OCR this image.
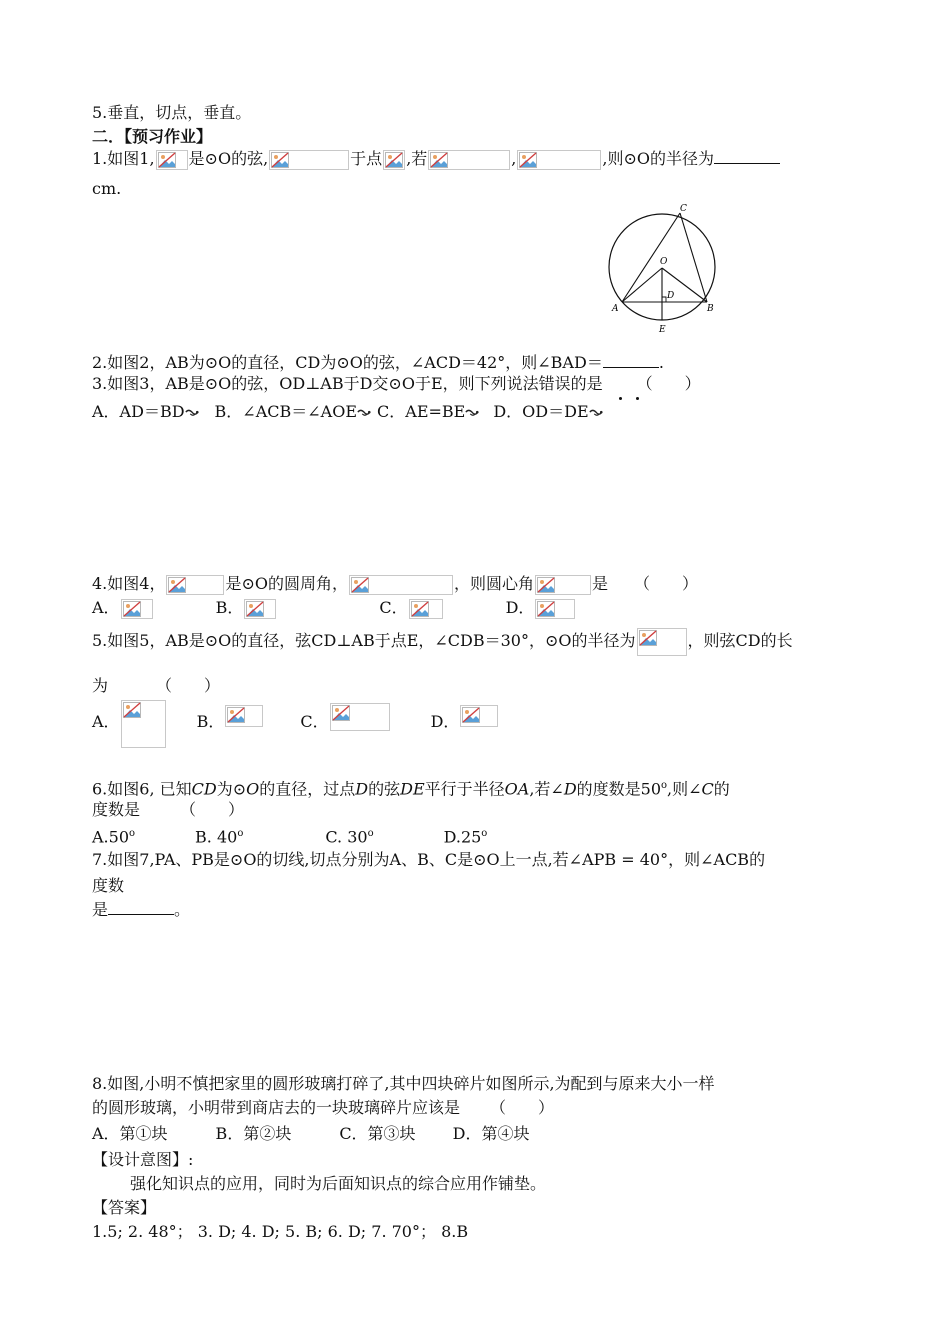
5.垂直，切点，垂直。
二．【预习作业】
1.如图1, 是⊙O的弦,	于点 ,若	,	,则⊙O的半径为
cm.
C
O
D
A	B
E
2.如图2，AB为⊙O的直径，CD为⊙O的弦，∠ACD＝42°，则∠BAD＝	.
3.如图3，AB是⊙O的弦，OD⊥AB于D交⊙O于E，则下列说法错误的是 （　　）
A．AD＝BD B．∠ACB＝∠AOE C．AE=BE D．OD＝DE
4.如图4，	是⊙O的圆周角，	，则圆心角	是 （　　）
A．	B．	C．	D．
5.如图5，AB是⊙O的直径，弦CD⊥AB于点E，∠CDB＝30°，⊙O的半径为	，则弦CD的长
为	（　　）
A．	B．	C．	D．
6.如图6, 已知CD为⊙O的直径，过点D的弦DE平行于半径OA,若∠D的度数是50$^o$,则∠C的
度数是	（　　）
A.50$^o$	B. 40$^o$	C. 30$^o$	D.25$^o$
7.如图7,PA、PB是⊙O的切线,切点分别为A、B、C是⊙O上一点,若∠APB = 40°，则∠ACB的
度数
是	。
8.如图,小明不慎把家里的圆形玻璃打碎了,其中四块碎片如图所示,为配到与原来大小一样
的圆形玻璃，小明带到商店去的一块玻璃碎片应该是 （　　）
A．第①块　　　B．第②块　　　C．第③块　　 D．第④块
【设计意图】:
强化知识点的应用，同时为后面知识点的综合应用作铺垫。
【答案】
1.5; 2. 48°； 3. D; 4. D; 5. B; 6. D; 7. 70°； 8.B
